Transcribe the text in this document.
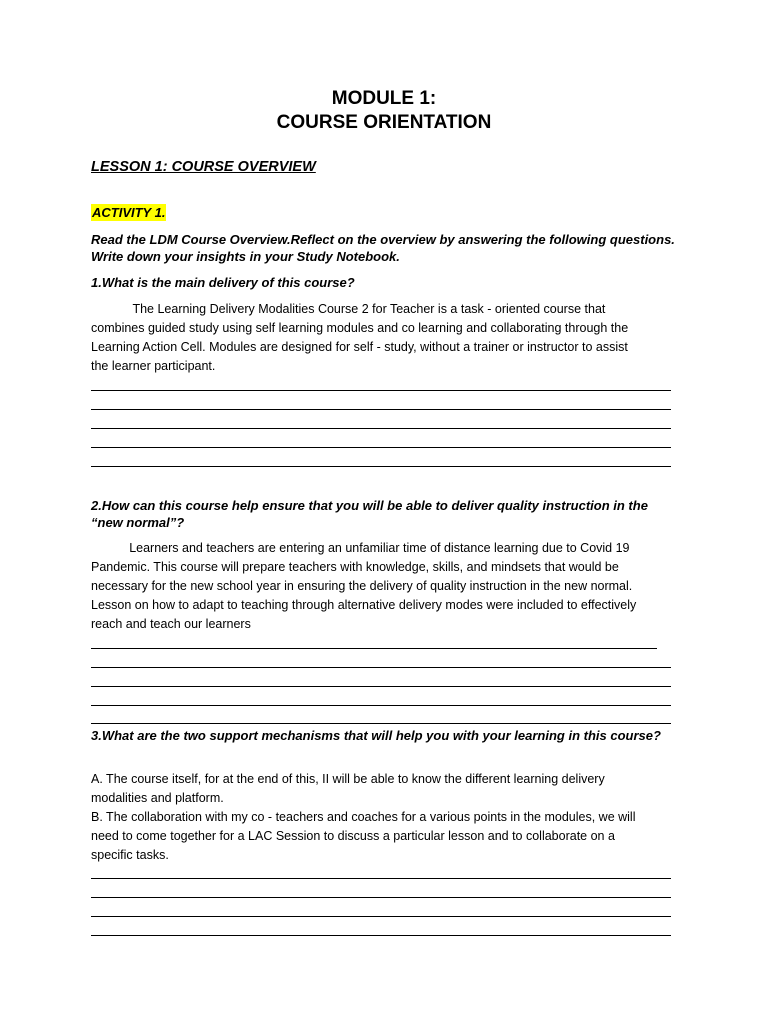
MODULE 1:
COURSE ORIENTATION
LESSON 1: COURSE OVERVIEW
ACTIVITY 1.
Read the LDM Course Overview.Reflect on the overview by answering the following questions. Write down your insights in your Study Notebook.
1.What is the main delivery of this course?
The Learning Delivery Modalities Course 2 for Teacher is a task - oriented course that
combines guided study using self learning modules and co learning and collaborating through the
Learning Action Cell. Modules are designed for self - study, without a trainer or instructor to assist
the learner participant.
2.How can this course help ensure that you will be able to deliver quality instruction in the “new normal”?
Learners and teachers are entering an unfamiliar time of distance learning due to Covid 19
Pandemic. This course will prepare teachers with knowledge, skills, and mindsets that would be
necessary for the new school year in ensuring the delivery of quality instruction in the new normal.
Lesson on how to adapt to teaching through alternative delivery modes were included to effectively
reach and teach our learners
3.What are the two support mechanisms that will help you with your learning in this course?
A. The course itself, for at the end of this, II will be able to know the different learning delivery
modalities and platform.
B. The collaboration with my co - teachers and coaches for a various points in the modules, we will
need to come together for a LAC Session to discuss a particular lesson and to collaborate on a
specific tasks.
